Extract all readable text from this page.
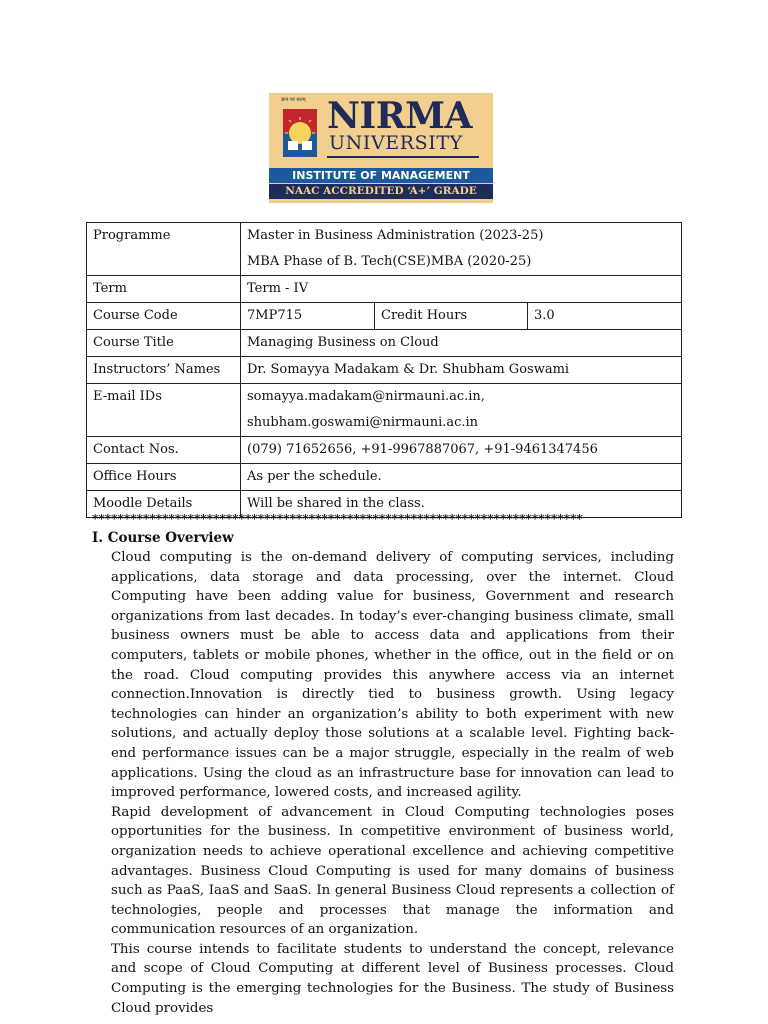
ज्ञानं परं बलम् NIRMA
UNIVERSITY
INSTITUTE OF MANAGEMENT
NAAC ACCREDITED ‘A+’ GRADE
Programme	Master in Business Administration (2023-25)
MBA Phase of B. Tech(CSE)MBA (2020-25)		

Term	Term - IV		
Course Code	7MP715	Credit Hours	3.0
Course Title	Managing Business on Cloud		
Instructors’ Names	Dr. Somayya Madakam & Dr. Shubham Goswami		
E-mail IDs	somayya.madakam@nirmauni.ac.in,
shubham.goswami@nirmauni.ac.in		

Contact Nos.	(079) 71652656, +91-9967887067, +91-9461347456		
Office Hours	As per the schedule.		
Moodle Details	Will be shared in the class.		
*****************************************************************************
I. Course Overview

Cloud computing is the on-demand delivery of computing services, including applications, data storage and data processing, over the internet. Cloud Computing have been adding value for business, Government and research organizations from last decades. In today’s ever-changing business climate, small business owners must be able to access data and applications from their computers, tablets or mobile phones, whether in the office, out in the field or on the road. Cloud computing provides this anywhere access via an internet connection.Innovation is directly tied to business growth. Using legacy technologies can hinder an organization’s ability to both experiment with new solutions, and actually deploy those solutions at a scalable level. Fighting back-end performance issues can be a major struggle, especially in the realm of web applications. Using the cloud as an infrastructure base for innovation can lead to improved performance, lowered costs, and increased agility.

Rapid development of advancement in Cloud Computing technologies poses opportunities for the business. In competitive environment of business world, organization needs to achieve operational excellence and achieving competitive advantages. Business Cloud Computing is used for many domains of business such as PaaS, IaaS and SaaS. In general Business Cloud represents a collection of technologies, people and processes that manage the information and communication resources of an organization.

This course intends to facilitate students to understand the concept, relevance and scope of Cloud Computing at different level of Business processes. Cloud Computing is the emerging technologies for the Business. The study of Business Cloud provides
